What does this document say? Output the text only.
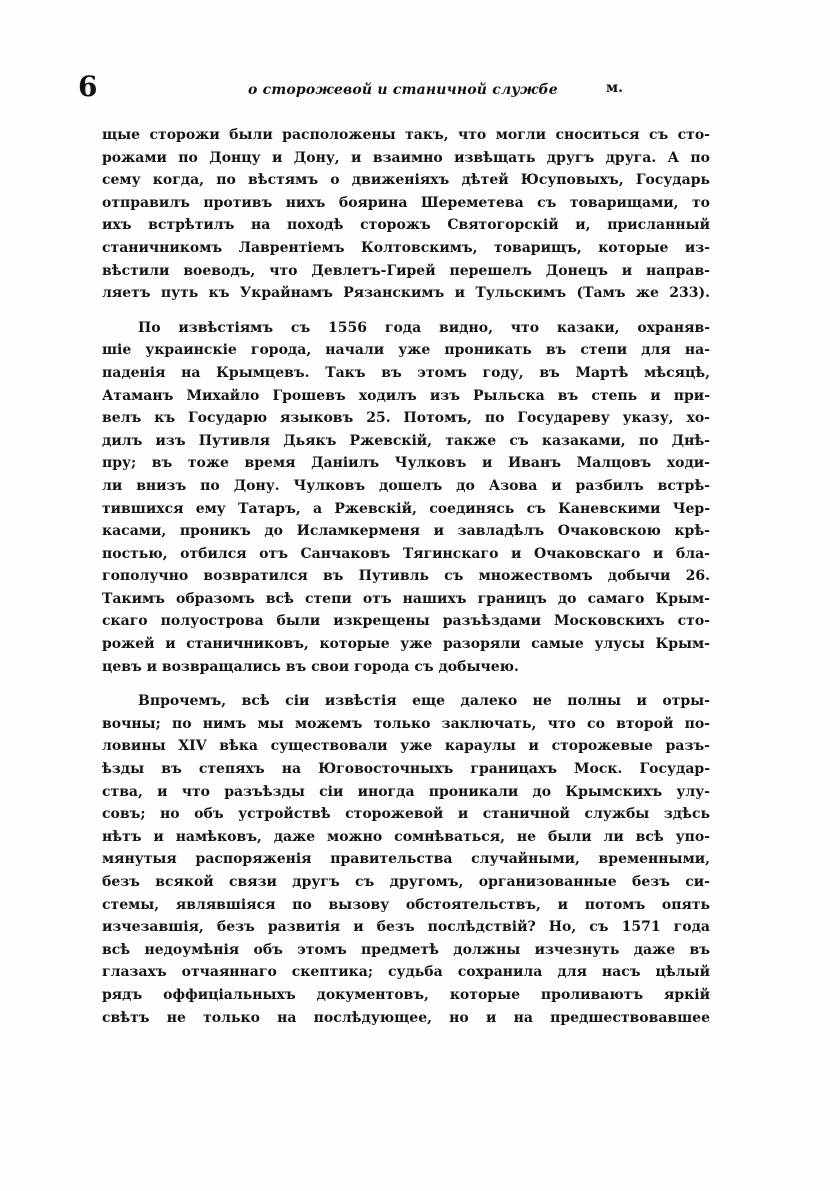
6	о сторожевой и станичной службе	м.
щые сторожи были расположены такъ, что могли сноситься съ сто-
рожами по Донцу и Дону, и взаимно извѣщать другъ друга. А по
сему когда, по вѣстямъ о движеніяхъ дѣтей Юсуповыхъ, Государь
отправилъ противъ нихъ боярина Шереметева съ товарищами, то
ихъ встрѣтилъ на походѣ сторожъ Святогорскій и, присланный
станичникомъ Лаврентіемъ Колтовскимъ, товарищъ, которые из-
вѣстили воеводъ, что Девлетъ-Гирей перешелъ Донецъ и направ-
ляетъ путь къ Украйнамъ Рязанскимъ и Тульскимъ (Тамъ же 233).
По извѣстіямъ съ 1556 года видно, что казаки, охраняв-
шіе украинскіе города, начали уже проникать въ степи для на-
паденія на Крымцевъ. Такъ въ этомъ году, въ Мартѣ мѣсяцѣ,
Атаманъ Михайло Грошевъ ходилъ изъ Рыльска въ степь и при-
велъ къ Государю языковъ 25. Потомъ, по Государеву указу, хо-
дилъ изъ Путивля Дьякъ Ржевскій, также съ казаками, по Днѣ-
пру; въ тоже время Даніилъ Чулковъ и Иванъ Малцовъ ходи-
ли внизъ по Дону. Чулковъ дошелъ до Азова и разбилъ встрѣ-
тившихся ему Татаръ, а Ржевскій, соединясь съ Каневскими Чер-
касами, проникъ до Исламкерменя и завладѣлъ Очаковскою крѣ-
постью, отбился отъ Санчаковъ Тягинскаго и Очаковскаго и бла-
гополучно возвратился въ Путивль съ множествомъ добычи 26.
Такимъ образомъ всѣ степи отъ нашихъ границъ до самаго Крым-
скаго полуострова были изкрещены разъѣздами Московскихъ сто-
рожей и станичниковъ, которые уже разоряли самые улусы Крым-
цевъ и возвращались въ свои города съ добычею.
Впрочемъ, всѣ сіи извѣстія еще далеко не полны и отры-
вочны; по нимъ мы можемъ только заключать, что со второй по-
ловины XIV вѣка существовали уже караулы и сторожевые разъ-
ѣзды въ степяхъ на Юговосточныхъ границахъ Моск. Государ-
ства, и что разъѣзды сіи иногда проникали до Крымскихъ улу-
совъ; но объ устройствѣ сторожевой и станичной службы здѣсь
нѣтъ и намѣковъ, даже можно сомнѣваться, не были ли всѣ упо-
мянутыя распоряженія правительства случайными, временными,
безъ всякой связи другъ съ другомъ, организованные безъ си-
стемы, являвшіяся по вызову обстоятельствъ, и потомъ опять
изчезавшія, безъ развитія и безъ послѣдствій? Но, съ 1571 года
всѣ недоумѣнія объ этомъ предметѣ должны изчезнуть даже въ
глазахъ отчаяннаго скептика; судьба сохранила для насъ цѣлый
рядъ оффиціальныхъ документовъ, которые проливаютъ яркій
свѣтъ не только на послѣдующее, но и на предшествовавшее
